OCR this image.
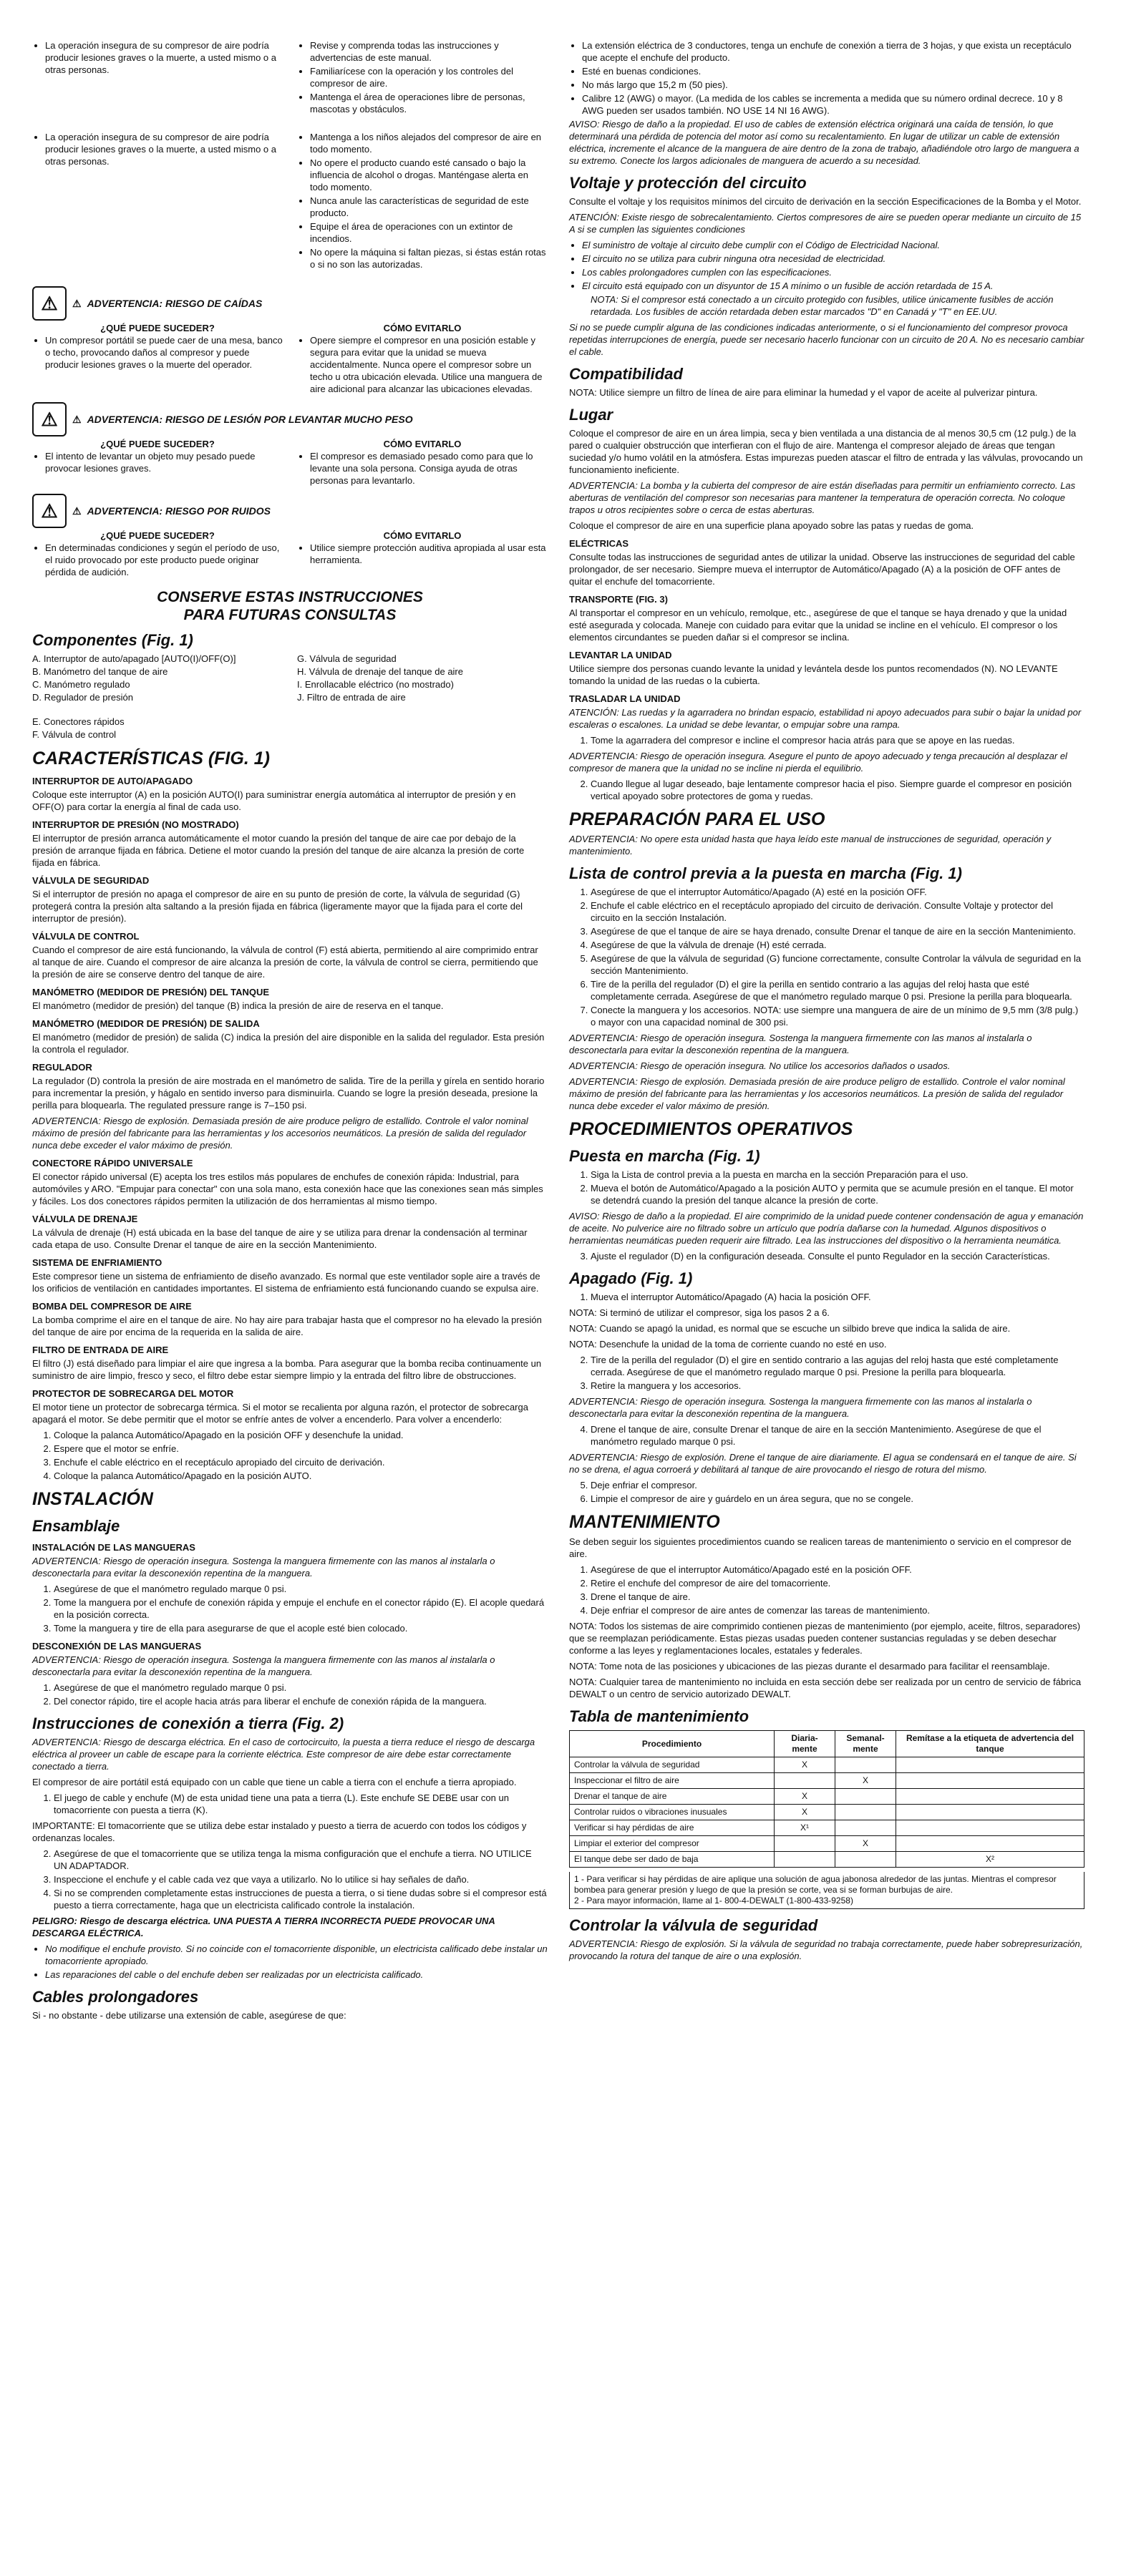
• La operación insegura de su compresor de aire podría producir lesiones graves o la muerte, a usted mismo o a otras personas.
• Revise y comprenda todas las instrucciones y advertencias de este manual.
• Familiarícese con la operación y los controles del compresor de aire.
• Mantenga el área de operaciones libre de personas, mascotas y obstáculos.
• La operación insegura de su compresor de aire podría producir lesiones graves o la muerte, a usted mismo o a otras personas.
• Mantenga a los niños alejados del compresor de aire en todo momento.
• No opere el producto cuando esté cansado o bajo la influencia de alcohol o drogas. Manténgase alerta en todo momento.
• Nunca anule las características de seguridad de este producto.
• Equipe el área de operaciones con un extintor de incendios.
• No opere la máquina si faltan piezas, si éstas están rotas o si no son las autorizadas.
⚠	⚠ ADVERTENCIA: RIESGO DE CAÍDAS
¿QUÉ PUEDE SUCEDER?
• Un compresor portátil se puede caer de una mesa, banco o techo, provocando daños al compresor y puede producir lesiones graves o la muerte del operador.
CÓMO EVITARLO
• Opere siempre el compresor en una posición estable y segura para evitar que la unidad se mueva accidentalmente. Nunca opere el compresor sobre un techo u otra ubicación elevada. Utilice una manguera de aire adicional para alcanzar las ubicaciones elevadas.
⚠	⚠ ADVERTENCIA: RIESGO DE LESIÓN POR LEVANTAR MUCHO PESO
¿QUÉ PUEDE SUCEDER?
• El intento de levantar un objeto muy pesado puede provocar lesiones graves.
CÓMO EVITARLO
• El compresor es demasiado pesado como para que lo levante una sola persona. Consiga ayuda de otras personas para levantarlo.
⚠	⚠ ADVERTENCIA: RIESGO POR RUIDOS
¿QUÉ PUEDE SUCEDER?
• En determinadas condiciones y según el período de uso, el ruido provocado por este producto puede originar pérdida de audición.
CÓMO EVITARLO
• Utilice siempre protección auditiva apropiada al usar esta herramienta.
CONSERVE ESTAS INSTRUCCIONES
PARA FUTURAS CONSULTAS
Componentes (Fig. 1)
A. Interruptor de auto/apagado [AUTO(I)/OFF(O)]
B. Manómetro del tanque de aire
C. Manómetro regulado
D. Regulador de presión
E. Conectores rápidos
F. Válvula de control
G. Válvula de seguridad
H. Válvula de drenaje del tanque de aire
I. Enrollacable eléctrico (no mostrado)
J. Filtro de entrada de aire
CARACTERÍSTICAS (FIG. 1)
INTERRUPTOR DE AUTO/APAGADO

Coloque este interruptor (A) en la posición AUTO(I) para suministrar energía automática al interruptor de presión y en OFF(O) para cortar la energía al final de cada uso.

INTERRUPTOR DE PRESIÓN (NO MOSTRADO)

El interruptor de presión arranca automáticamente el motor cuando la presión del tanque de aire cae por debajo de la presión de arranque fijada en fábrica. Detiene el motor cuando la presión del tanque de aire alcanza la presión de corte fijada en fábrica.

VÁLVULA DE SEGURIDAD

Si el interruptor de presión no apaga el compresor de aire en su punto de presión de corte, la válvula de seguridad (G) protegerá contra la presión alta saltando a la presión fijada en fábrica (ligeramente mayor que la fijada para el corte del interruptor de presión).

VÁLVULA DE CONTROL

Cuando el compresor de aire está funcionando, la válvula de control (F) está abierta, permitiendo al aire comprimido entrar al tanque de aire. Cuando el compresor de aire alcanza la presión de corte, la válvula de control se cierra, permitiendo que la presión de aire se conserve dentro del tanque de aire.

MANÓMETRO (MEDIDOR DE PRESIÓN) DEL TANQUE

El manómetro (medidor de presión) del tanque (B) indica la presión de aire de reserva en el tanque.

MANÓMETRO (MEDIDOR DE PRESIÓN) DE SALIDA

El manómetro (medidor de presión) de salida (C) indica la presión del aire disponible en la salida del regulador. Esta presión la controla el regulador.

REGULADOR

La regulador (D) controla la presión de aire mostrada en el manómetro de salida. Tire de la perilla y gírela en sentido horario para incrementar la presión, y hágalo en sentido inverso para disminuirla. Cuando se logre la presión deseada, presione la perilla para bloquearla. The regulated pressure range is 7–150 psi.

ADVERTENCIA: Riesgo de explosión. Demasiada presión de aire produce peligro de estallido. Controle el valor nominal máximo de presión del fabricante para las herramientas y los accesorios neumáticos. La presión de salida del regulador nunca debe exceder el valor máximo de presión.

CONECTORE RÁPIDO UNIVERSALE

El conector rápido universal (E) acepta los tres estilos más populares de enchufes de conexión rápida: Industrial, para automóviles y ARO. "Empujar para conectar" con una sola mano, esta conexión hace que las conexiones sean más simples y fáciles. Los dos conectores rápidos permiten la utilización de dos herramientas al mismo tiempo.

VÁLVULA DE DRENAJE

La válvula de drenaje (H) está ubicada en la base del tanque de aire y se utiliza para drenar la condensación al terminar cada etapa de uso. Consulte Drenar el tanque de aire en la sección Mantenimiento.

SISTEMA DE ENFRIAMIENTO

Este compresor tiene un sistema de enfriamiento de diseño avanzado. Es normal que este ventilador sople aire a través de los orificios de ventilación en cantidades importantes. El sistema de enfriamiento está funcionando cuando se expulsa aire.

BOMBA DEL COMPRESOR DE AIRE

La bomba comprime el aire en el tanque de aire. No hay aire para trabajar hasta que el compresor no ha elevado la presión del tanque de aire por encima de la requerida en la salida de aire.

FILTRO DE ENTRADA DE AIRE

El filtro (J) está diseñado para limpiar el aire que ingresa a la bomba. Para asegurar que la bomba reciba continuamente un suministro de aire limpio, fresco y seco, el filtro debe estar siempre limpio y la entrada del filtro libre de obstrucciones.

PROTECTOR DE SOBRECARGA DEL MOTOR

El motor tiene un protector de sobrecarga térmica. Si el motor se recalienta por alguna razón, el protector de sobrecarga apagará el motor. Se debe permitir que el motor se enfríe antes de volver a encenderlo. Para volver a encenderlo:

1. Coloque la palanca Automático/Apagado en la posición OFF y desenchufe la unidad.
2. Espere que el motor se enfríe.
3. Enchufe el cable eléctrico en el receptáculo apropiado del circuito de derivación.
4. Coloque la palanca Automático/Apagado en la posición AUTO.
INSTALACIÓN
Ensamblaje
INSTALACIÓN DE LAS MANGUERAS

ADVERTENCIA: Riesgo de operación insegura. Sostenga la manguera firmemente con las manos al instalarla o desconectarla para evitar la desconexión repentina de la manguera.

1. Asegúrese de que el manómetro regulado marque 0 psi.
2. Tome la manguera por el enchufe de conexión rápida y empuje el enchufe en el conector rápido (E). El acople quedará en la posición correcta.
3. Tome la manguera y tire de ella para asegurarse de que el acople esté bien colocado.
DESCONEXIÓN DE LAS MANGUERAS

ADVERTENCIA: Riesgo de operación insegura. Sostenga la manguera firmemente con las manos al instalarla o desconectarla para evitar la desconexión repentina de la manguera.

1. Asegúrese de que el manómetro regulado marque 0 psi.
2. Del conector rápido, tire el acople hacia atrás para liberar el enchufe de conexión rápida de la manguera.
Instrucciones de conexión a tierra (Fig. 2)

ADVERTENCIA: Riesgo de descarga eléctrica. En el caso de cortocircuito, la puesta a tierra reduce el riesgo de descarga eléctrica al proveer un cable de escape para la corriente eléctrica. Este compresor de aire debe estar correctamente conectado a tierra.

El compresor de aire portátil está equipado con un cable que tiene un cable a tierra con el enchufe a tierra apropiado.

1. El juego de cable y enchufe (M) de esta unidad tiene una pata a tierra (L). Este enchufe SE DEBE usar con un tomacorriente con puesta a tierra (K).

IMPORTANTE: El tomacorriente que se utiliza debe estar instalado y puesto a tierra de acuerdo con todos los códigos y ordenanzas locales.

2. Asegúrese de que el tomacorriente que se utiliza tenga la misma configuración que el enchufe a tierra. NO UTILICE UN ADAPTADOR.
3. Inspeccione el enchufe y el cable cada vez que vaya a utilizarlo. No lo utilice si hay señales de daño.
4. Si no se comprenden completamente estas instrucciones de puesta a tierra, o si tiene dudas sobre si el compresor está puesto a tierra correctamente, haga que un electricista calificado controle la instalación.

PELIGRO: Riesgo de descarga eléctrica. UNA PUESTA A TIERRA INCORRECTA PUEDE PROVOCAR UNA DESCARGA ELÉCTRICA.

• No modifique el enchufe provisto. Si no coincide con el tomacorriente disponible, un electricista calificado debe instalar un tomacorriente apropiado.
• Las reparaciones del cable o del enchufe deben ser realizadas por un electricista calificado.
Cables prolongadores

Si - no obstante - debe utilizarse una extensión de cable, asegúrese de que:

• La extensión eléctrica de 3 conductores, tenga un enchufe de conexión a tierra de 3 hojas, y que exista un receptáculo que acepte el enchufe del producto.
• Esté en buenas condiciones.
• No más largo que 15,2 m (50 pies).
• Calibre 12 (AWG) o mayor. (La medida de los cables se incrementa a medida que su número ordinal decrece. 10 y 8 AWG pueden ser usados también. NO USE 14 NI 16 AWG).

AVISO: Riesgo de daño a la propiedad. El uso de cables de extensión eléctrica originará una caída de tensión, lo que determinará una pérdida de potencia del motor así como su recalentamiento. En lugar de utilizar un cable de extensión eléctrica, incremente el alcance de la manguera de aire dentro de la zona de trabajo, añadiéndole otro largo de manguera a su extremo. Conecte los largos adicionales de manguera de acuerdo a su necesidad.

Voltaje y protección del circuito

Consulte el voltaje y los requisitos mínimos del circuito de derivación en la sección Especificaciones de la Bomba y el Motor.

ATENCIÓN: Existe riesgo de sobrecalentamiento. Ciertos compresores de aire se pueden operar mediante un circuito de 15 A si se cumplen las siguientes condiciones

• El suministro de voltaje al circuito debe cumplir con el Código de Electricidad Nacional.
• El circuito no se utiliza para cubrir ninguna otra necesidad de electricidad.
• Los cables prolongadores cumplen con las especificaciones.
• El circuito está equipado con un disyuntor de 15 A mínimo o un fusible de acción retardada de 15 A.

NOTA: Si el compresor está conectado a un circuito protegido con fusibles, utilice únicamente fusibles de acción retardada. Los fusibles de acción retardada deben estar marcados "D" en Canadá y "T" en EE.UU.

Si no se puede cumplir alguna de las condiciones indicadas anteriormente, o si el funcionamiento del compresor provoca repetidas interrupciones de energía, puede ser necesario hacerlo funcionar con un circuito de 20 A. No es necesario cambiar el cable.

Compatibilidad

NOTA: Utilice siempre un filtro de línea de aire para eliminar la humedad y el vapor de aceite al pulverizar pintura.

Lugar

Coloque el compresor de aire en un área limpia, seca y bien ventilada a una distancia de al menos 30,5 cm (12 pulg.) de la pared o cualquier obstrucción que interfieran con el flujo de aire. Mantenga el compresor alejado de áreas que tengan suciedad y/o humo volátil en la atmósfera. Estas impurezas pueden atascar el filtro de entrada y las válvulas, provocando un funcionamiento ineficiente.

ADVERTENCIA: La bomba y la cubierta del compresor de aire están diseñadas para permitir un enfriamiento correcto. Las aberturas de ventilación del compresor son necesarias para mantener la temperatura de operación correcta. No coloque trapos u otros recipientes sobre o cerca de estas aberturas.

Coloque el compresor de aire en una superficie plana apoyado sobre las patas y ruedas de goma.

ELÉCTRICAS

Consulte todas las instrucciones de seguridad antes de utilizar la unidad. Observe las instrucciones de seguridad del cable prolongador, de ser necesario. Siempre mueva el interruptor de Automático/Apagado (A) a la posición de OFF antes de quitar el enchufe del tomacorriente.

TRANSPORTE (FIG. 3)

Al transportar el compresor en un vehículo, remolque, etc., asegúrese de que el tanque se haya drenado y que la unidad esté asegurada y colocada. Maneje con cuidado para evitar que la unidad se incline en el vehículo. El compresor o los elementos circundantes se pueden dañar si el compresor se inclina.

LEVANTAR LA UNIDAD

Utilice siempre dos personas cuando levante la unidad y levántela desde los puntos recomendados (N). NO LEVANTE tomando la unidad de las ruedas o la cubierta.

TRASLADAR LA UNIDAD

ATENCIÓN: Las ruedas y la agarradera no brindan espacio, estabilidad ni apoyo adecuados para subir o bajar la unidad por escaleras o escalones. La unidad se debe levantar, o empujar sobre una rampa.

1. Tome la agarradera del compresor e incline el compresor hacia atrás para que se apoye en las ruedas.

ADVERTENCIA: Riesgo de operación insegura. Asegure el punto de apoyo adecuado y tenga precaución al desplazar el compresor de manera que la unidad no se incline ni pierda el equilibrio.

2. Cuando llegue al lugar deseado, baje lentamente compresor hacia el piso. Siempre guarde el compresor en posición vertical apoyado sobre protectores de goma y ruedas.
PREPARACIÓN PARA EL USO

ADVERTENCIA: No opere esta unidad hasta que haya leído este manual de instrucciones de seguridad, operación y mantenimiento.

Lista de control previa a la puesta en marcha (Fig. 1)
1. Asegúrese de que el interruptor Automático/Apagado (A) esté en la posición OFF.
2. Enchufe el cable eléctrico en el receptáculo apropiado del circuito de derivación. Consulte Voltaje y protector del circuito en la sección Instalación.
3. Asegúrese de que el tanque de aire se haya drenado, consulte Drenar el tanque de aire en la sección Mantenimiento.
4. Asegúrese de que la válvula de drenaje (H) esté cerrada.
5. Asegúrese de que la válvula de seguridad (G) funcione correctamente, consulte Controlar la válvula de seguridad en la sección Mantenimiento.
6. Tire de la perilla del regulador (D) el gire la perilla en sentido contrario a las agujas del reloj hasta que esté completamente cerrada. Asegúrese de que el manómetro regulado marque 0 psi. Presione la perilla para bloquearla.
7. Conecte la manguera y los accesorios. NOTA: use siempre una manguera de aire de un mínimo de 9,5 mm (3/8 pulg.) o mayor con una capacidad nominal de 300 psi.

ADVERTENCIA: Riesgo de operación insegura. Sostenga la manguera firmemente con las manos al instalarla o desconectarla para evitar la desconexión repentina de la manguera.

ADVERTENCIA: Riesgo de operación insegura. No utilice los accesorios dañados o usados.

ADVERTENCIA: Riesgo de explosión. Demasiada presión de aire produce peligro de estallido. Controle el valor nominal máximo de presión del fabricante para las herramientas y los accesorios neumáticos. La presión de salida del regulador nunca debe exceder el valor máximo de presión.

PROCEDIMIENTOS OPERATIVOS
Puesta en marcha (Fig. 1)
1. Siga la Lista de control previa a la puesta en marcha en la sección Preparación para el uso.
2. Mueva el botón de Automático/Apagado a la posición AUTO y permita que se acumule presión en el tanque. El motor se detendrá cuando la presión del tanque alcance la presión de corte.

AVISO: Riesgo de daño a la propiedad. El aire comprimido de la unidad puede contener condensación de agua y emanación de aceite. No pulverice aire no filtrado sobre un artículo que podría dañarse con la humedad. Algunos dispositivos o herramientas neumáticas pueden requerir aire filtrado. Lea las instrucciones del dispositivo o la herramienta neumática.

3. Ajuste el regulador (D) en la configuración deseada. Consulte el punto Regulador en la sección Características.
Apagado (Fig. 1)
1. Mueva el interruptor Automático/Apagado (A) hacia la posición OFF.

NOTA: Si terminó de utilizar el compresor, siga los pasos 2 a 6.

NOTA: Cuando se apagó la unidad, es normal que se escuche un silbido breve que indica la salida de aire.

NOTA: Desenchufe la unidad de la toma de corriente cuando no esté en uso.

2. Tire de la perilla del regulador (D) el gire en sentido contrario a las agujas del reloj hasta que esté completamente cerrada. Asegúrese de que el manómetro regulado marque 0 psi. Presione la perilla para bloquearla.
3. Retire la manguera y los accesorios.

ADVERTENCIA: Riesgo de operación insegura. Sostenga la manguera firmemente con las manos al instalarla o desconectarla para evitar la desconexión repentina de la manguera.

4. Drene el tanque de aire, consulte Drenar el tanque de aire en la sección Mantenimiento. Asegúrese de que el manómetro regulado marque 0 psi.

ADVERTENCIA: Riesgo de explosión. Drene el tanque de aire diariamente. El agua se condensará en el tanque de aire. Si no se drena, el agua corroerá y debilitará al tanque de aire provocando el riesgo de rotura del mismo.

5. Deje enfriar el compresor.
6. Limpie el compresor de aire y guárdelo en un área segura, que no se congele.
MANTENIMIENTO

Se deben seguir los siguientes procedimientos cuando se realicen tareas de mantenimiento o servicio en el compresor de aire.

1. Asegúrese de que el interruptor Automático/Apagado esté en la posición OFF.
2. Retire el enchufe del compresor de aire del tomacorriente.
3. Drene el tanque de aire.
4. Deje enfriar el compresor de aire antes de comenzar las tareas de mantenimiento.

NOTA: Todos los sistemas de aire comprimido contienen piezas de mantenimiento (por ejemplo, aceite, filtros, separadores) que se reemplazan periódicamente. Estas piezas usadas pueden contener sustancias reguladas y se deben desechar conforme a las leyes y reglamentaciones locales, estatales y federales.

NOTA: Tome nota de las posiciones y ubicaciones de las piezas durante el desarmado para facilitar el reensamblaje.

NOTA: Cualquier tarea de mantenimiento no incluida en esta sección debe ser realizada por un centro de servicio de fábrica DEWALT o un centro de servicio autorizado DEWALT.

Tabla de mantenimiento
Procedimiento	Diaria-mente	Semanal-mente	Remítase a la etiqueta de advertencia del tanque
Controlar la válvula de seguridad	X		
Inspeccionar el filtro de aire		X	
Drenar el tanque de aire	X		
Controlar ruidos o vibraciones inusuales	X		
Verificar si hay pérdidas de aire	X¹		
Limpiar el exterior del compresor		X	
El tanque debe ser dado de baja			X²
1 - Para verificar si hay pérdidas de aire aplique una solución de agua jabonosa alrededor de las juntas. Mientras el compresor bombea para generar presión y luego de que la presión se corte, vea si se forman burbujas de aire.
2 - Para mayor información, llame al 1- 800-4-DEWALT (1-800-433-9258)
Controlar la válvula de seguridad

ADVERTENCIA: Riesgo de explosión. Si la válvula de seguridad no trabaja correctamente, puede haber sobrepresurización, provocando la rotura del tanque de aire o una explosión.
